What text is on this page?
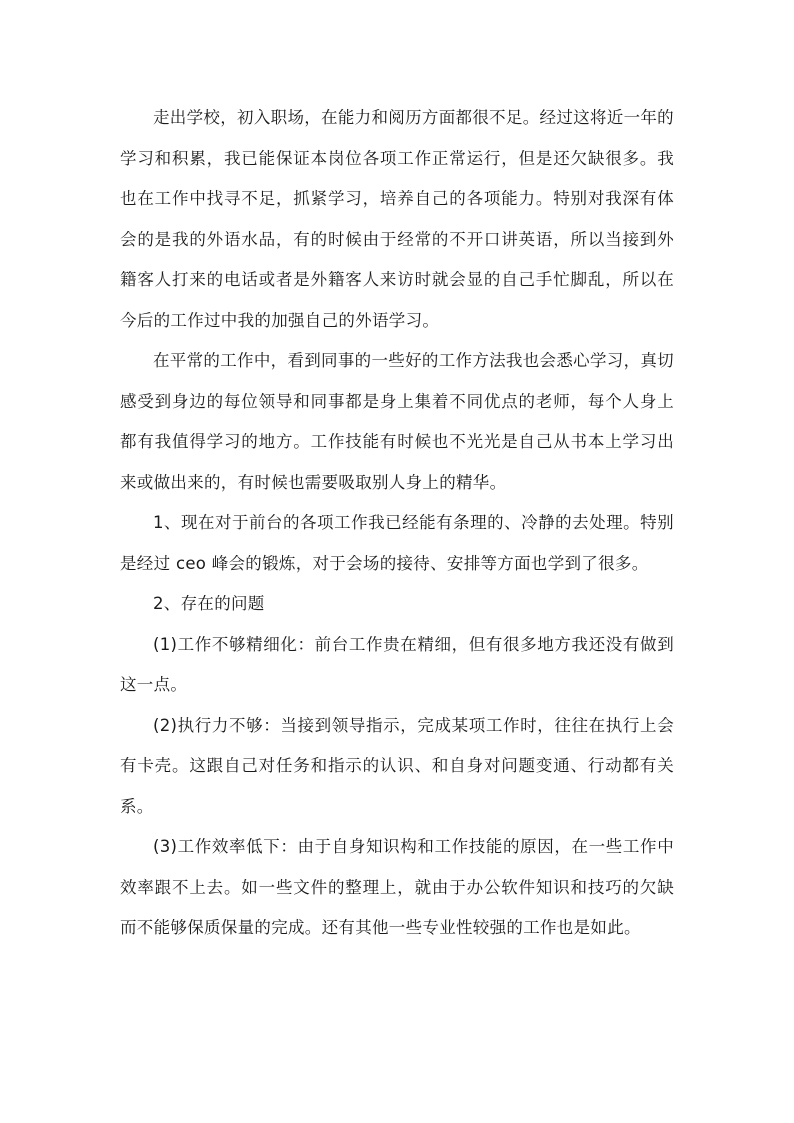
走出学校，初入职场，在能力和阅历方面都很不足。经过这将近一年的学习和积累，我已能保证本岗位各项工作正常运行，但是还欠缺很多。我也在工作中找寻不足，抓紧学习，培养自己的各项能力。特别对我深有体会的是我的外语水品，有的时候由于经常的不开口讲英语，所以当接到外籍客人打来的电话或者是外籍客人来访时就会显的自己手忙脚乱，所以在今后的工作过中我的加强自己的外语学习。

在平常的工作中，看到同事的一些好的工作方法我也会悉心学习，真切感受到身边的每位领导和同事都是身上集着不同优点的老师，每个人身上都有我值得学习的地方。工作技能有时候也不光光是自己从书本上学习出来或做出来的，有时候也需要吸取别人身上的精华。

1、现在对于前台的各项工作我已经能有条理的、冷静的去处理。特别是经过 ceo 峰会的锻炼，对于会场的接待、安排等方面也学到了很多。

2、存在的问题

(1)工作不够精细化：前台工作贵在精细，但有很多地方我还没有做到这一点。

(2)执行力不够：当接到领导指示，完成某项工作时，往往在执行上会有卡壳。这跟自己对任务和指示的认识、和自身对问题变通、行动都有关系。

(3)工作效率低下：由于自身知识构和工作技能的原因，在一些工作中效率跟不上去。如一些文件的整理上，就由于办公软件知识和技巧的欠缺而不能够保质保量的完成。还有其他一些专业性较强的工作也是如此。
